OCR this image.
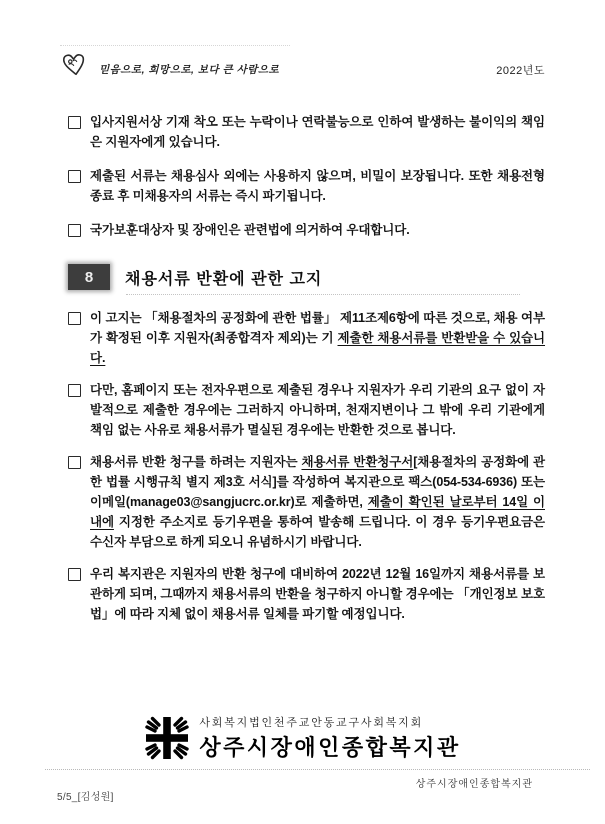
믿음으로, 희망으로, 보다 큰 사람으로	2022년도
입사지원서상 기재 착오 또는 누락이나 연락불능으로 인하여 발생하는 불이익의 책임은 지원자에게 있습니다.
제출된 서류는 채용심사 외에는 사용하지 않으며, 비밀이 보장됩니다. 또한 채용전형 종료 후 미채용자의 서류는 즉시 파기됩니다.
국가보훈대상자 및 장애인은 관련법에 의거하여 우대합니다.
8	채용서류 반환에 관한 고지
이 고지는 「채용절차의 공정화에 관한 법률」 제11조제6항에 따른 것으로, 채용 여부가 확정된 이후 지원자(최종합격자 제외)는 기 제출한 채용서류를 반환받을 수 있습니다.
다만, 홈페이지 또는 전자우편으로 제출된 경우나 지원자가 우리 기관의 요구 없이 자발적으로 제출한 경우에는 그러하지 아니하며, 천재지변이나 그 밖에 우리 기관에게 책임 없는 사유로 채용서류가 멸실된 경우에는 반환한 것으로 봅니다.
채용서류 반환 청구를 하려는 지원자는 채용서류 반환청구서[채용절차의 공정화에 관한 법률 시행규칙 별지 제3호 서식]를 작성하여 복지관으로 팩스(054-534-6936) 또는 이메일(manage03@sangjucrc.or.kr)로 제출하면, 제출이 확인된 날로부터 14일 이내에 지정한 주소지로 등기우편을 통하여 발송해 드립니다. 이 경우 등기우편요금은 수신자 부담으로 하게 되오니 유념하시기 바랍니다.
우리 복지관은 지원자의 반환 청구에 대비하여 2022년 12월 16일까지 채용서류를 보관하게 되며, 그때까지 채용서류의 반환을 청구하지 아니할 경우에는 「개인정보 보호법」에 따라 지체 없이 채용서류 일체를 파기할 예정입니다.
사회복지법인천주교안동교구사회복지회
상주시장애인종합복지관
상주시장애인종합복지관
5/5_[김성원]
